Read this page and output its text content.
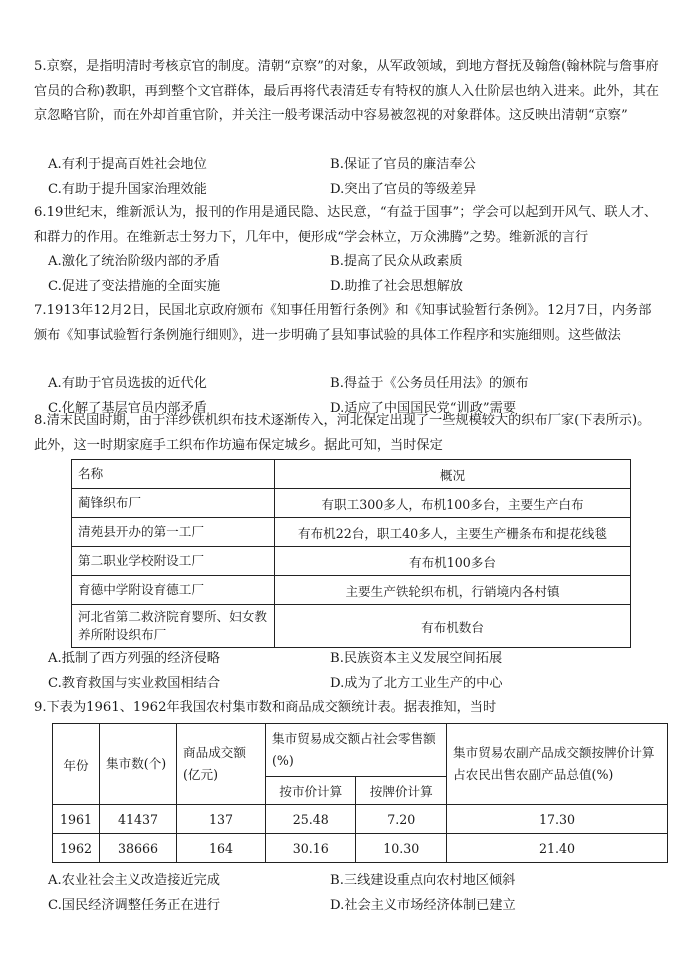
5.京察，是指明清时考核京官的制度。清朝“京察”的对象，从军政领域，到地方督抚及翰詹(翰林院与詹事府官员的合称)教职，再到整个文官群体，最后再将代表清廷专有特权的旗人入仕阶层也纳入进来。此外，其在京忽略官阶，而在外却首重官阶，并关注一般考课活动中容易被忽视的对象群体。这反映出清朝“京察”

A.有利于提高百姓社会地位	B.保证了官员的廉洁奉公
C.有助于提升国家治理效能	D.突出了官员的等级差异

6.19世纪末，维新派认为，报刊的作用是通民隐、达民意，“有益于国事”；学会可以起到开风气、联人才、和群力的作用。在维新志士努力下，几年中，便形成“学会林立，万众沸腾”之势。维新派的言行

A.激化了统治阶级内部的矛盾	B.提高了民众从政素质
C.促进了变法措施的全面实施	D.助推了社会思想解放

7.1913年12月2日，民国北京政府颁布《知事任用暂行条例》和《知事试验暂行条例》。12月7日，内务部颁布《知事试验暂行条例施行细则》，进一步明确了县知事试验的具体工作程序和实施细则。这些做法

A.有助于官员选拔的近代化	B.得益于《公务员任用法》的颁布
C.化解了基层官员内部矛盾	D.适应了中国国民党“训政”需要

8.清末民国时期，由于洋纱铁机织布技术逐渐传入，河北保定出现了一些规模较大的织布厂家(下表所示)。此外，这一时期家庭手工织布作坊遍布保定城乡。据此可知，当时保定

名称	概况
蔺锋织布厂	有职工300多人，布机100多台，主要生产白布
清苑县开办的第一工厂	有布机22台，职工40多人，主要生产栅条布和提花线毯
第二职业学校附设工厂	有布机100多台
育德中学附设育德工厂	主要生产铁轮织布机，行销境内各村镇
河北省第二救济院育婴所、妇女教养所附设织布厂	有布机数台
A.抵制了西方列强的经济侵略	B.民族资本主义发展空间拓展
C.教育救国与实业救国相结合	D.成为了北方工业生产的中心

9.下表为1961、1962年我国农村集市数和商品成交额统计表。据表推知，当时

年份	集市数(个)	商品成交额(亿元)	集市贸易成交额占社会零售额(%)		集市贸易农副产品成交额按牌价计算占农民出售农副产品总值(%)
			按市价计算	按牌价计算	
1961	41437	137	25.48	7.20	17.30
1962	38666	164	30.16	10.30	21.40
A.农业社会主义改造接近完成	B.三线建设重点向农村地区倾斜
C.国民经济调整任务正在进行	D.社会主义市场经济体制已建立
